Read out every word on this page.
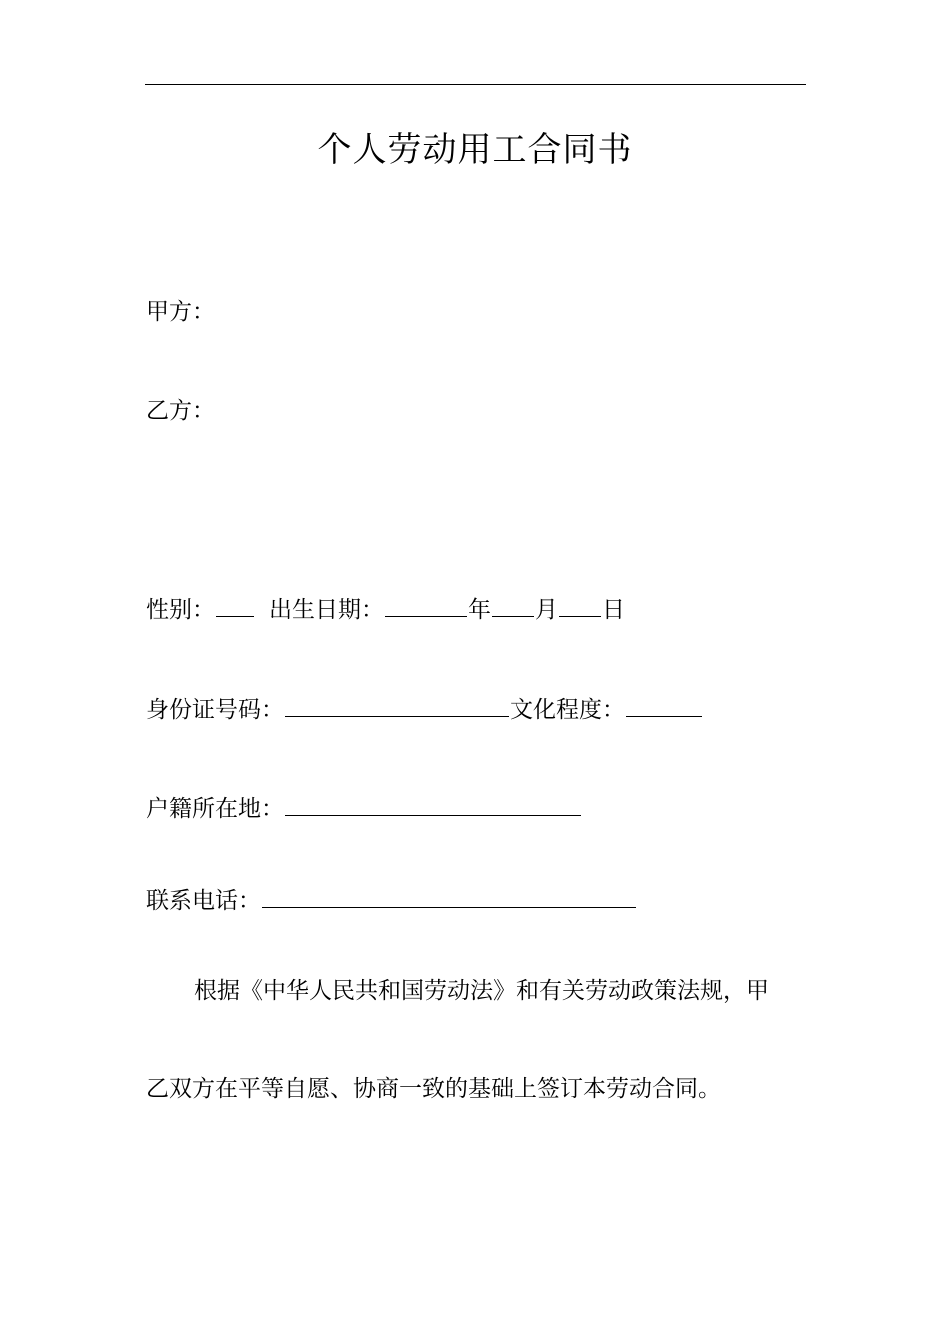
个人劳动用工合同书
甲方：
乙方：
性别： 出生日期：	年 月 日
身份证号码：	文化程度：
户籍所在地：
联系电话：
根据《中华人民共和国劳动法》和有关劳动政策法规，甲
乙双方在平等自愿、协商一致的基础上签订本劳动合同。
